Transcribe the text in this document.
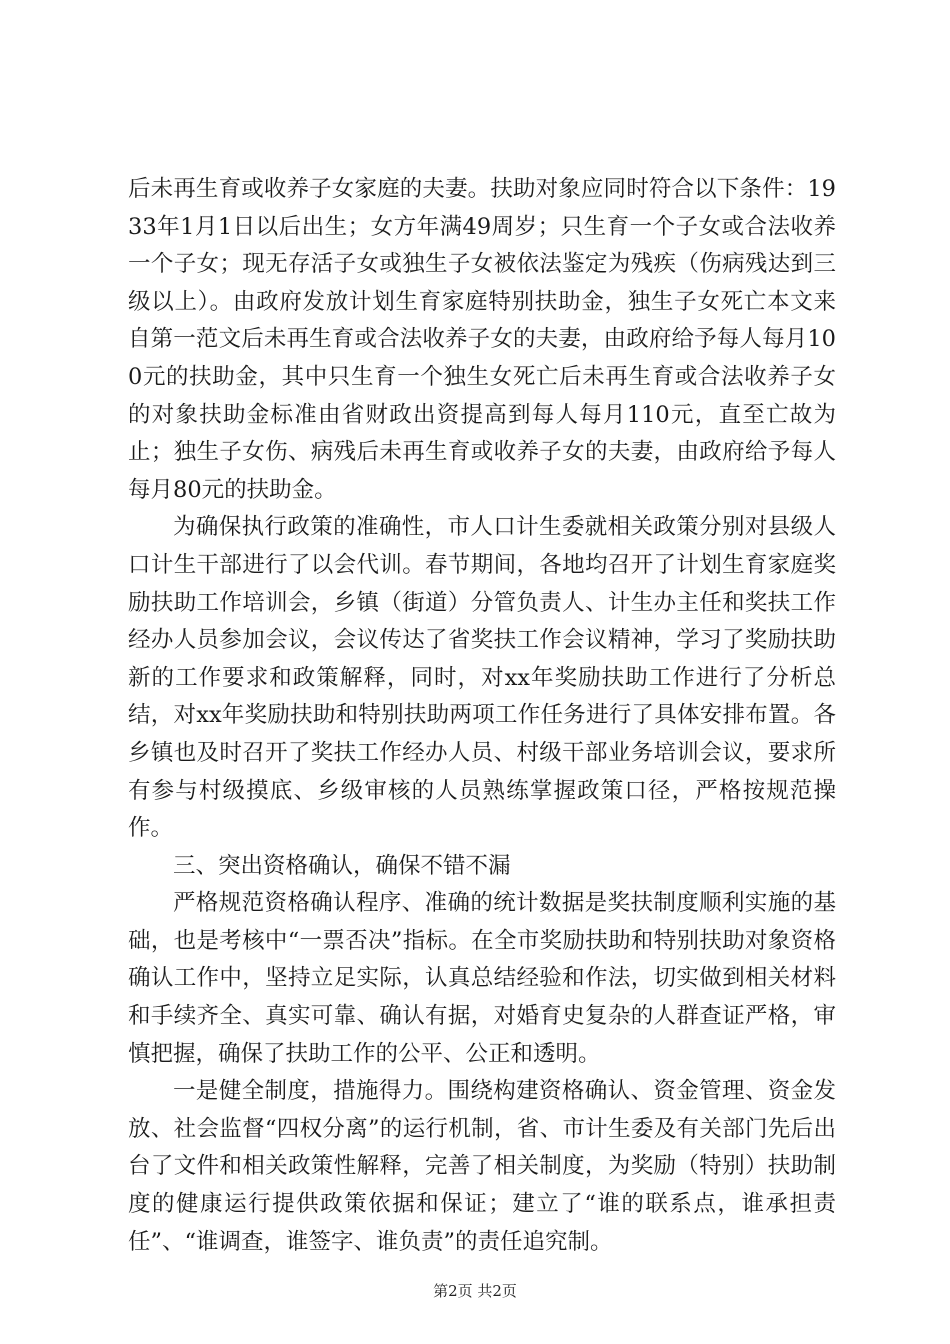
后未再生育或收养子女家庭的夫妻。扶助对象应同时符合以下条件：1933年1月1日以后出生；女方年满49周岁；只生育一个子女或合法收养一个子女；现无存活子女或独生子女被依法鉴定为残疾（伤病残达到三级以上）。由政府发放计划生育家庭特别扶助金，独生子女死亡本文来自第一范文后未再生育或合法收养子女的夫妻，由政府给予每人每月100元的扶助金，其中只生育一个独生女死亡后未再生育或合法收养子女的对象扶助金标准由省财政出资提高到每人每月110元，直至亡故为止；独生子女伤、病残后未再生育或收养子女的夫妻，由政府给予每人每月80元的扶助金。

为确保执行政策的准确性，市人口计生委就相关政策分别对县级人口计生干部进行了以会代训。春节期间，各地均召开了计划生育家庭奖励扶助工作培训会，乡镇（街道）分管负责人、计生办主任和奖扶工作经办人员参加会议，会议传达了省奖扶工作会议精神，学习了奖励扶助新的工作要求和政策解释，同时，对xx年奖励扶助工作进行了分析总结，对xx年奖励扶助和特别扶助两项工作任务进行了具体安排布置。各乡镇也及时召开了奖扶工作经办人员、村级干部业务培训会议，要求所有参与村级摸底、乡级审核的人员熟练掌握政策口径，严格按规范操作。

三、突出资格确认，确保不错不漏

严格规范资格确认程序、准确的统计数据是奖扶制度顺利实施的基础，也是考核中“一票否决”指标。在全市奖励扶助和特别扶助对象资格确认工作中，坚持立足实际，认真总结经验和作法，切实做到相关材料和手续齐全、真实可靠、确认有据，对婚育史复杂的人群查证严格，审慎把握，确保了扶助工作的公平、公正和透明。

一是健全制度，措施得力。围绕构建资格确认、资金管理、资金发放、社会监督“四权分离”的运行机制，省、市计生委及有关部门先后出台了文件和相关政策性解释，完善了相关制度，为奖励（特别）扶助制度的健康运行提供政策依据和保证；建立了“谁的联系点，谁承担责任”、“谁调查，谁签字、谁负责”的责任追究制。

第2页 共2页
